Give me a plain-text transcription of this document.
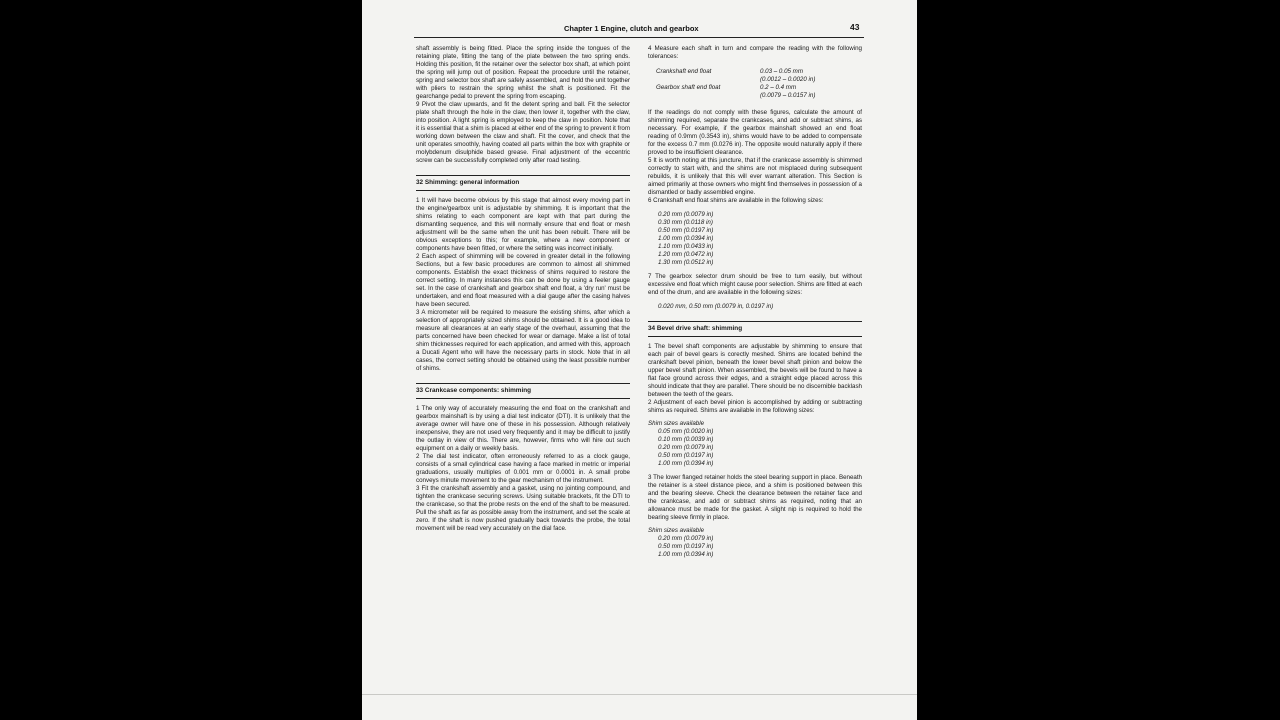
Chapter 1 Engine, clutch and gearbox	43

shaft assembly is being fitted. Place the spring inside the tongues of the retaining plate, fitting the tang of the plate between the two spring ends. Holding this position, fit the retainer over the selector box shaft, at which point the spring will jump out of position. Repeat the procedure until the retainer, spring and selector box shaft are safely assembled, and hold the unit together with pliers to restrain the spring whilst the shaft is positioned. Fit the gearchange pedal to prevent the spring from escaping.

9 Pivot the claw upwards, and fit the detent spring and ball. Fit the selector plate shaft through the hole in the claw, then lower it, together with the claw, into position. A light spring is employed to keep the claw in position. Note that it is essential that a shim is placed at either end of the spring to prevent it from working down between the claw and shaft. Fit the cover, and check that the unit operates smoothly, having coated all parts within the box with graphite or molybdenum disulphide based grease. Final adjustment of the eccentric screw can be successfully completed only after road testing.

32 Shimming: general information

1 It will have become obvious by this stage that almost every moving part in the engine/gearbox unit is adjustable by shimming. It is important that the shims relating to each component are kept with that part during the dismantling sequence, and this will normally ensure that end float or mesh adjustment will be the same when the unit has been rebuilt. There will be obvious exceptions to this; for example, where a new component or components have been fitted, or where the setting was incorrect initially.

2 Each aspect of shimming will be covered in greater detail in the following Sections, but a few basic procedures are common to almost all shimmed components. Establish the exact thickness of shims required to restore the correct setting. In many instances this can be done by using a feeler gauge set. In the case of crankshaft and gearbox shaft end float, a 'dry run' must be undertaken, and end float measured with a dial gauge after the casing halves have been secured.

3 A micrometer will be required to measure the existing shims, after which a selection of appropriately sized shims should be obtained. It is a good idea to measure all clearances at an early stage of the overhaul, assuming that the parts concerned have been checked for wear or damage. Make a list of total shim thicknesses required for each application, and armed with this, approach a Ducati Agent who will have the necessary parts in stock. Note that in all cases, the correct setting should be obtained using the least possible number of shims.

33 Crankcase components: shimming

1 The only way of accurately measuring the end float on the crankshaft and gearbox mainshaft is by using a dial test indicator (DTI). It is unlikely that the average owner will have one of these in his possession. Although relatively inexpensive, they are not used very frequently and it may be difficult to justify the outlay in view of this. There are, however, firms who will hire out such equipment on a daily or weekly basis.

2 The dial test indicator, often erroneously referred to as a clock gauge, consists of a small cylindrical case having a face marked in metric or imperial graduations, usually multiples of 0.001 mm or 0.0001 in. A small probe conveys minute movement to the gear mechanism of the instrument.

3 Fit the crankshaft assembly and a gasket, using no jointing compound, and tighten the crankcase securing screws. Using suitable brackets, fit the DTI to the crankcase, so that the probe rests on the end of the shaft to be measured. Pull the shaft as far as possible away from the instrument, and set the scale at zero. If the shaft is now pushed gradually back towards the probe, the total movement will be read very accurately on the dial face.

4 Measure each shaft in turn and compare the reading with the following tolerances:

Crankshaft end float	0.03 – 0.05 mm
(0.0012 – 0.0020 in)
Gearbox shaft end float	0.2 – 0.4 mm
(0.0079 – 0.0157 in)

If the readings do not comply with these figures, calculate the amount of shimming required, separate the crankcases, and add or subtract shims, as necessary. For example, if the gearbox mainshaft showed an end float reading of 0.9mm (0.3543 in), shims would have to be added to compensate for the excess 0.7 mm (0.0276 in). The opposite would naturally apply if there proved to be insufficient clearance.

5 It is worth noting at this juncture, that if the crankcase assembly is shimmed correctly to start with, and the shims are not misplaced during subsequent rebuilds, it is unlikely that this will ever warrant alteration. This Section is aimed primarily at those owners who might find themselves in possession of a dismantled or badly assembled engine.

6 Crankshaft end float shims are available in the following sizes:

0.20 mm (0.0079 in)
0.30 mm (0.0118 in)
0.50 mm (0.0197 in)
1.00 mm (0.0394 in)
1.10 mm (0.0433 in)
1.20 mm (0.0472 in)
1.30 mm (0.0512 in)

7 The gearbox selector drum should be free to turn easily, but without excessive end float which might cause poor selection. Shims are fitted at each end of the drum, and are available in the following sizes:

0.020 mm, 0.50 mm (0.0079 in, 0.0197 in)

34 Bevel drive shaft: shimming

1 The bevel shaft components are adjustable by shimming to ensure that each pair of bevel gears is corectly meshed. Shims are located behind the crankshaft bevel pinion, beneath the lower bevel shaft pinion and below the upper bevel shaft pinion. When assembled, the bevels will be found to have a flat face ground across their edges, and a straight edge placed across this should indicate that they are parallel. There should be no discernible backlash between the teeth of the gears.

2 Adjustment of each bevel pinion is accomplished by adding or subtracting shims as required. Shims are available in the following sizes:

Shim sizes available

0.05 mm (0.0020 in)
0.10 mm (0.0039 in)
0.20 mm (0.0079 in)
0.50 mm (0.0197 in)
1.00 mm (0.0394 in)

3 The lower flanged retainer holds the steel bearing support in place. Beneath the retainer is a steel distance piece, and a shim is positioned between this and the bearing sleeve. Check the clearance between the retainer face and the crankcase, and add or subtract shims as required, noting that an allowance must be made for the gasket. A slight nip is required to hold the bearing sleeve firmly in place.

Shim sizes available

0.20 mm (0.0079 in)
0.50 mm (0.0197 in)
1.00 mm (0.0394 in)
